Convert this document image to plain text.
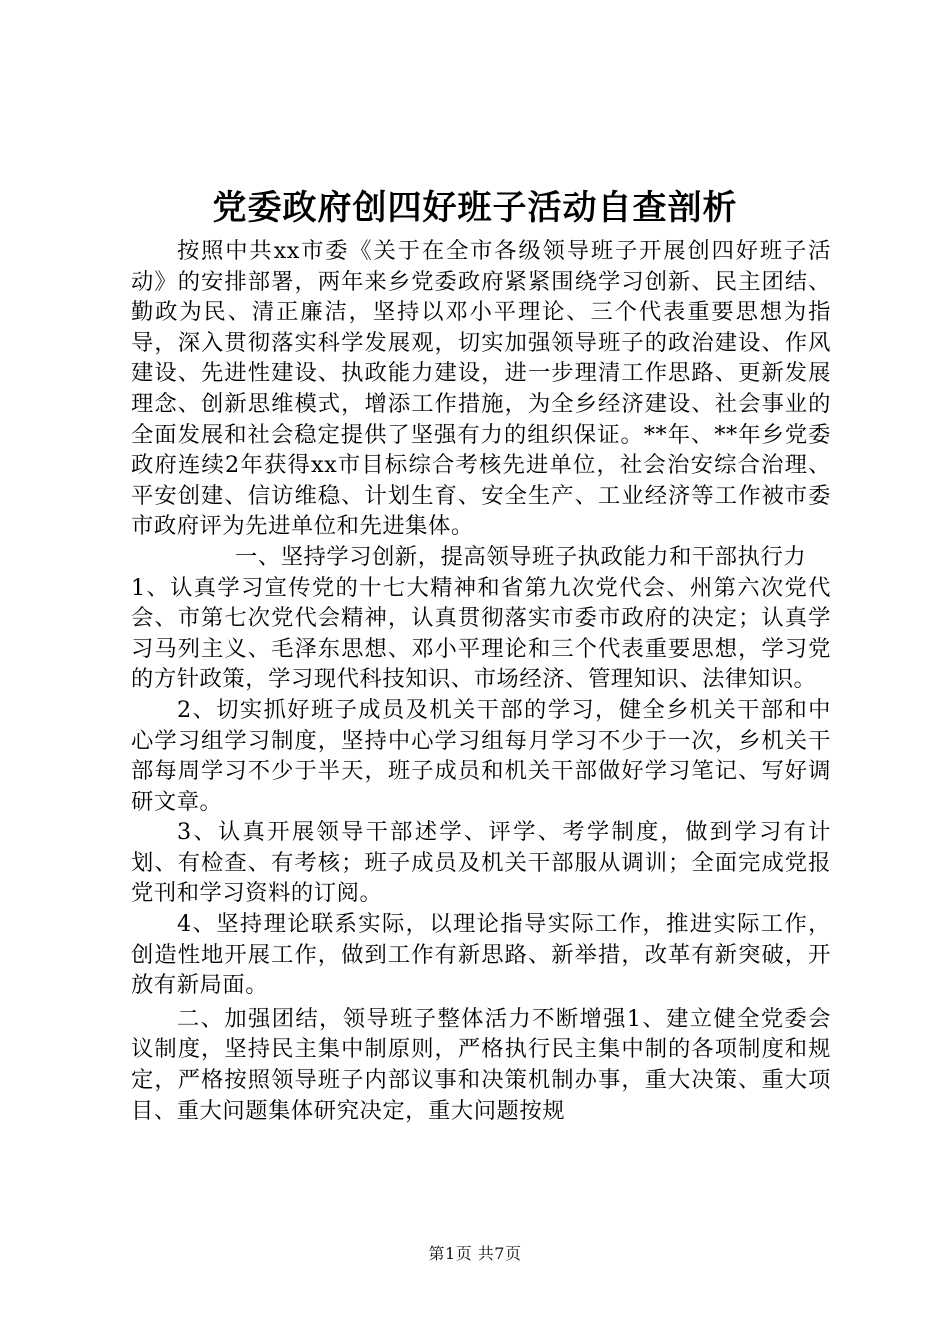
党委政府创四好班子活动自查剖析

按照中共xx市委《关于在全市各级领导班子开展创四好班子活动》的安排部署，两年来乡党委政府紧紧围绕学习创新、民主团结、勤政为民、清正廉洁，坚持以邓小平理论、三个代表重要思想为指导，深入贯彻落实科学发展观，切实加强领导班子的政治建设、作风建设、先进性建设、执政能力建设，进一步理清工作思路、更新发展理念、创新思维模式，增添工作措施，为全乡经济建设、社会事业的全面发展和社会稳定提供了坚强有力的组织保证。**年、**年乡党委政府连续2年获得xx市目标综合考核先进单位，社会治安综合治理、平安创建、信访维稳、计划生育、安全生产、工业经济等工作被市委市政府评为先进单位和先进集体。

一、坚持学习创新，提高领导班子执政能力和干部执行力1、认真学习宣传党的十七大精神和省第九次党代会、州第六次党代会、市第七次党代会精神，认真贯彻落实市委市政府的决定；认真学习马列主义、毛泽东思想、邓小平理论和三个代表重要思想，学习党的方针政策，学习现代科技知识、市场经济、管理知识、法律知识。

2、切实抓好班子成员及机关干部的学习，健全乡机关干部和中心学习组学习制度，坚持中心学习组每月学习不少于一次，乡机关干部每周学习不少于半天，班子成员和机关干部做好学习笔记、写好调研文章。

3、认真开展领导干部述学、评学、考学制度，做到学习有计划、有检查、有考核；班子成员及机关干部服从调训；全面完成党报党刊和学习资料的订阅。

4、坚持理论联系实际，以理论指导实际工作，推进实际工作，创造性地开展工作，做到工作有新思路、新举措，改革有新突破，开放有新局面。

二、加强团结，领导班子整体活力不断增强1、建立健全党委会议制度，坚持民主集中制原则，严格执行民主集中制的各项制度和规定，严格按照领导班子内部议事和决策机制办事，重大决策、重大项目、重大问题集体研究决定，重大问题按规

第1页 共7页
